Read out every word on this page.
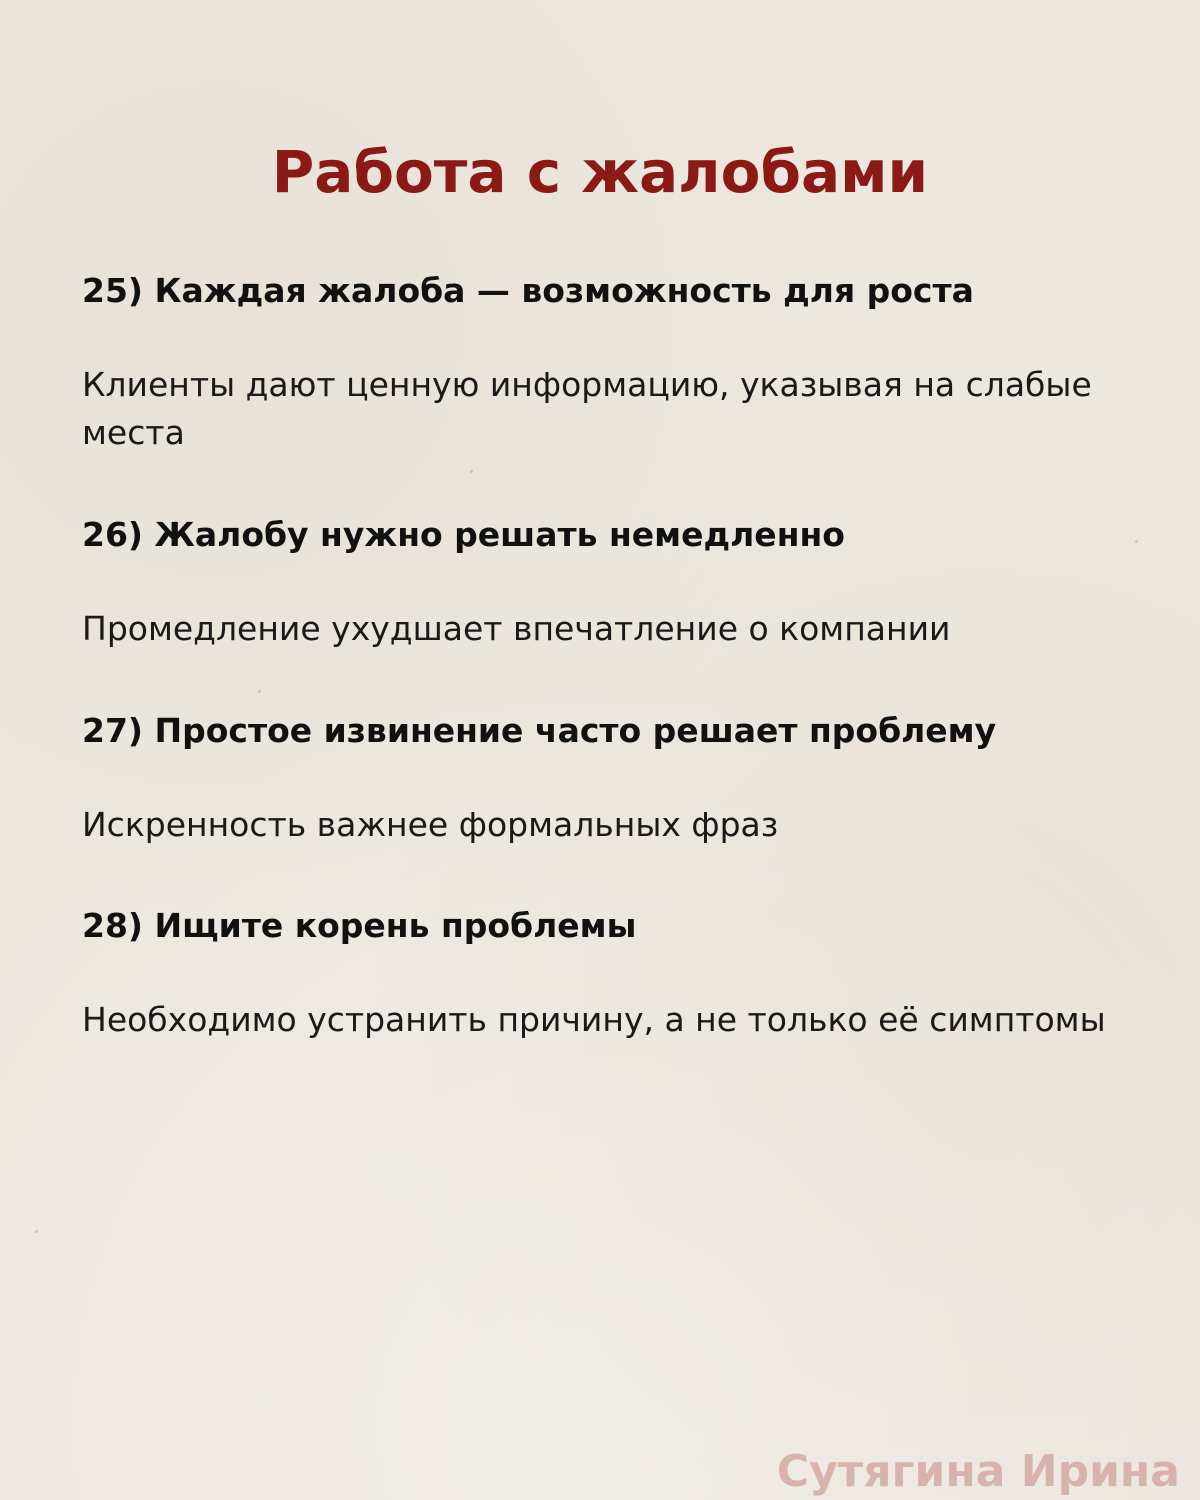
Работа с жалобами
25) Каждая жалоба — возможность для роста
Клиенты дают ценную информацию, указывая на слабые места
26) Жалобу нужно решать немедленно
Промедление ухудшает впечатление о компании
27) Простое извинение часто решает проблему
Искренность важнее формальных фраз
28) Ищите корень проблемы
Необходимо устранить причину, а не только её симптомы
Сутягина Ирина
